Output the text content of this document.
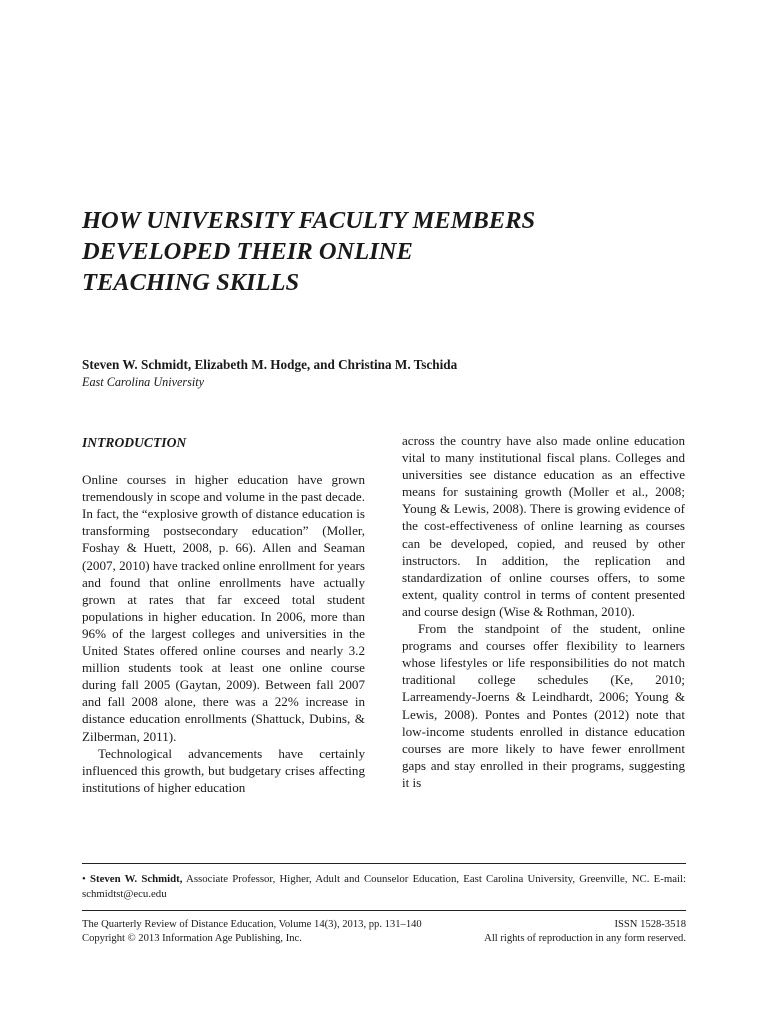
HOW UNIVERSITY FACULTY MEMBERS
DEVELOPED THEIR ONLINE
TEACHING SKILLS

Steven W. Schmidt, Elizabeth M. Hodge, and Christina M. Tschida

East Carolina University

INTRODUCTION

Online courses in higher education have grown tremendously in scope and volume in the past decade. In fact, the “explosive growth of distance education is transforming postsecondary education” (Moller, Foshay & Huett, 2008, p. 66). Allen and Seaman (2007, 2010) have tracked online enrollment for years and found that online enrollments have actually grown at rates that far exceed total student populations in higher education. In 2006, more than 96% of the largest colleges and universities in the United States offered online courses and nearly 3.2 million students took at least one online course during fall 2005 (Gaytan, 2009). Between fall 2007 and fall 2008 alone, there was a 22% increase in distance education enrollments (Shattuck, Dubins, & Zilberman, 2011).

Technological advancements have certainly influenced this growth, but budgetary crises affecting institutions of higher education

across the country have also made online education vital to many institutional fiscal plans. Colleges and universities see distance education as an effective means for sustaining growth (Moller et al., 2008; Young & Lewis, 2008). There is growing evidence of the cost-effectiveness of online learning as courses can be developed, copied, and reused by other instructors. In addition, the replication and standardization of online courses offers, to some extent, quality control in terms of content presented and course design (Wise & Rothman, 2010).

From the standpoint of the student, online programs and courses offer flexibility to learners whose lifestyles or life responsibilities do not match traditional college schedules (Ke, 2010; Larreamendy-Joerns & Leindhardt, 2006; Young & Lewis, 2008). Pontes and Pontes (2012) note that low-income students enrolled in distance education courses are more likely to have fewer enrollment gaps and stay enrolled in their programs, suggesting it is

• Steven W. Schmidt, Associate Professor, Higher, Adult and Counselor Education, East Carolina University, Greenville, NC. E-mail: schmidtst@ecu.edu

The Quarterly Review of Distance Education, Volume 14(3), 2013, pp. 131–140	ISSN 1528-3518
Copyright © 2013 Information Age Publishing, Inc.	All rights of reproduction in any form reserved.
